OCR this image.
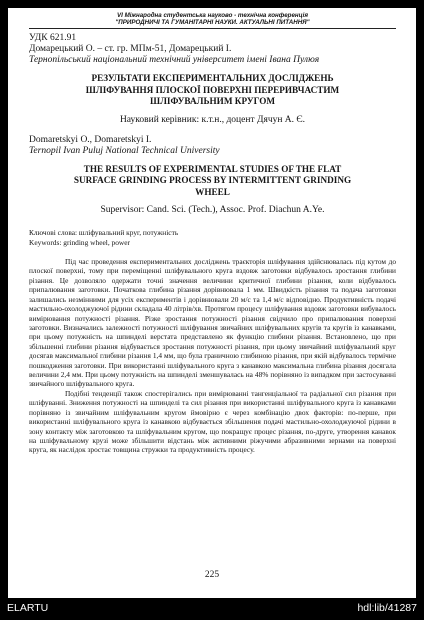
VI Міжнародна студентська науково - технічна конференція
"ПРИРОДНИЧІ ТА ГУМАНІТАРНІ НАУКИ. АКТУАЛЬНІ ПИТАННЯ"
УДК 621.91
Домарецький О. – ст. гр. МПм-51, Домарецький І.
Тернопільський національний технічний університет імені Івана Пулюя
РЕЗУЛЬТАТИ ЕКСПЕРИМЕНТАЛЬНИХ ДОСЛІДЖЕНЬ
ШЛІФУВАННЯ ПЛОСКОЇ ПОВЕРХНІ ПЕРЕРИВЧАСТИМ
ШЛІФУВАЛЬНИМ КРУГОМ
Науковий керівник: к.т.н., доцент Дячун А. Є.
Domaretskyi O., Domaretskyi I.
Ternopil Ivan Puluj National Technical University
THE RESULTS OF EXPERIMENTAL STUDIES OF THE FLAT
SURFACE GRINDING PROCESS BY INTERMITTENT GRINDING
WHEEL
Supervisor: Cand. Sci. (Tech.), Assoc. Prof. Diachun A.Ye.
Ключові слова: шліфувальний круг, потужність
Keywords: grinding wheel, power

Під час проведення експериментальних досліджень траєкторія шліфування здійснювалась під кутом до плоскої поверхні, тому при переміщенні шліфувального круга вздовж заготовки відбувалось зростання глибини різання. Це дозволяло одержати точні значення величини критичної глибини різання, коли відбувалось припалювання заготовки. Початкова глибина різання дорівнювала 1 мм. Швидкість різання та подача заготовки залишались незмінними для усіх експериментів і дорівнювали 20 м/с та 1,4 м/с відповідно. Продуктивність подачі мастильно-охолоджуючої рідини складала 40 літрів/хв. Протягом процесу шліфування вздовж заготовки вибувалось вимірювання потужності різання. Різке зростання потужності різання свідчило про припалювання поверхні заготовки. Визначались залежності потужності шліфування звичайних шліфувальних кругів та кругів із канавками, при цьому потужність на шпинделі верстата представлено як функцію глибини різання. Встановлено, що при збільшенні глибини різання відбувається зростання потужності різання, при цьому звичайний шліфувальний круг досягав максимальної глибини різання 1,4 мм, що була граничною глибиною різання, при якій відбувалось термічне пошкодження заготовки. При використанні шліфувального круга з канавкою максимальна глибина різання досягала величини 2,4 мм. При цьому потужність на шпинделі зменшувалась на 48% порівняно із випадком при застосуванні звичайного шліфувального круга.

Подібні тенденції також спостерігались при вимірюванні тангенціальної та радіальної сил різання при шліфуванні. Зниження потужності на шпинделі та сил різання при використанні шліфувального круга із канавками порівняно із звичайним шліфувальним кругом ймовірно є через комбінацію двох факторів: по-перше, при використанні шліфувального круга із канавкою відбувається збільшення подачі мастильно-охолоджуючої рідини в зону контакту між заготовкою та шліфувальним кругом, що покращує процес різання, по-друге, утворення канавок на шліфувальному крузі може збільшити відстань між активними ріжучими абразивними зернами на поверхні круга, як наслідок зростає товщина стружки та продуктивність процесу.

225
ELARTU	hdl:lib/41287
